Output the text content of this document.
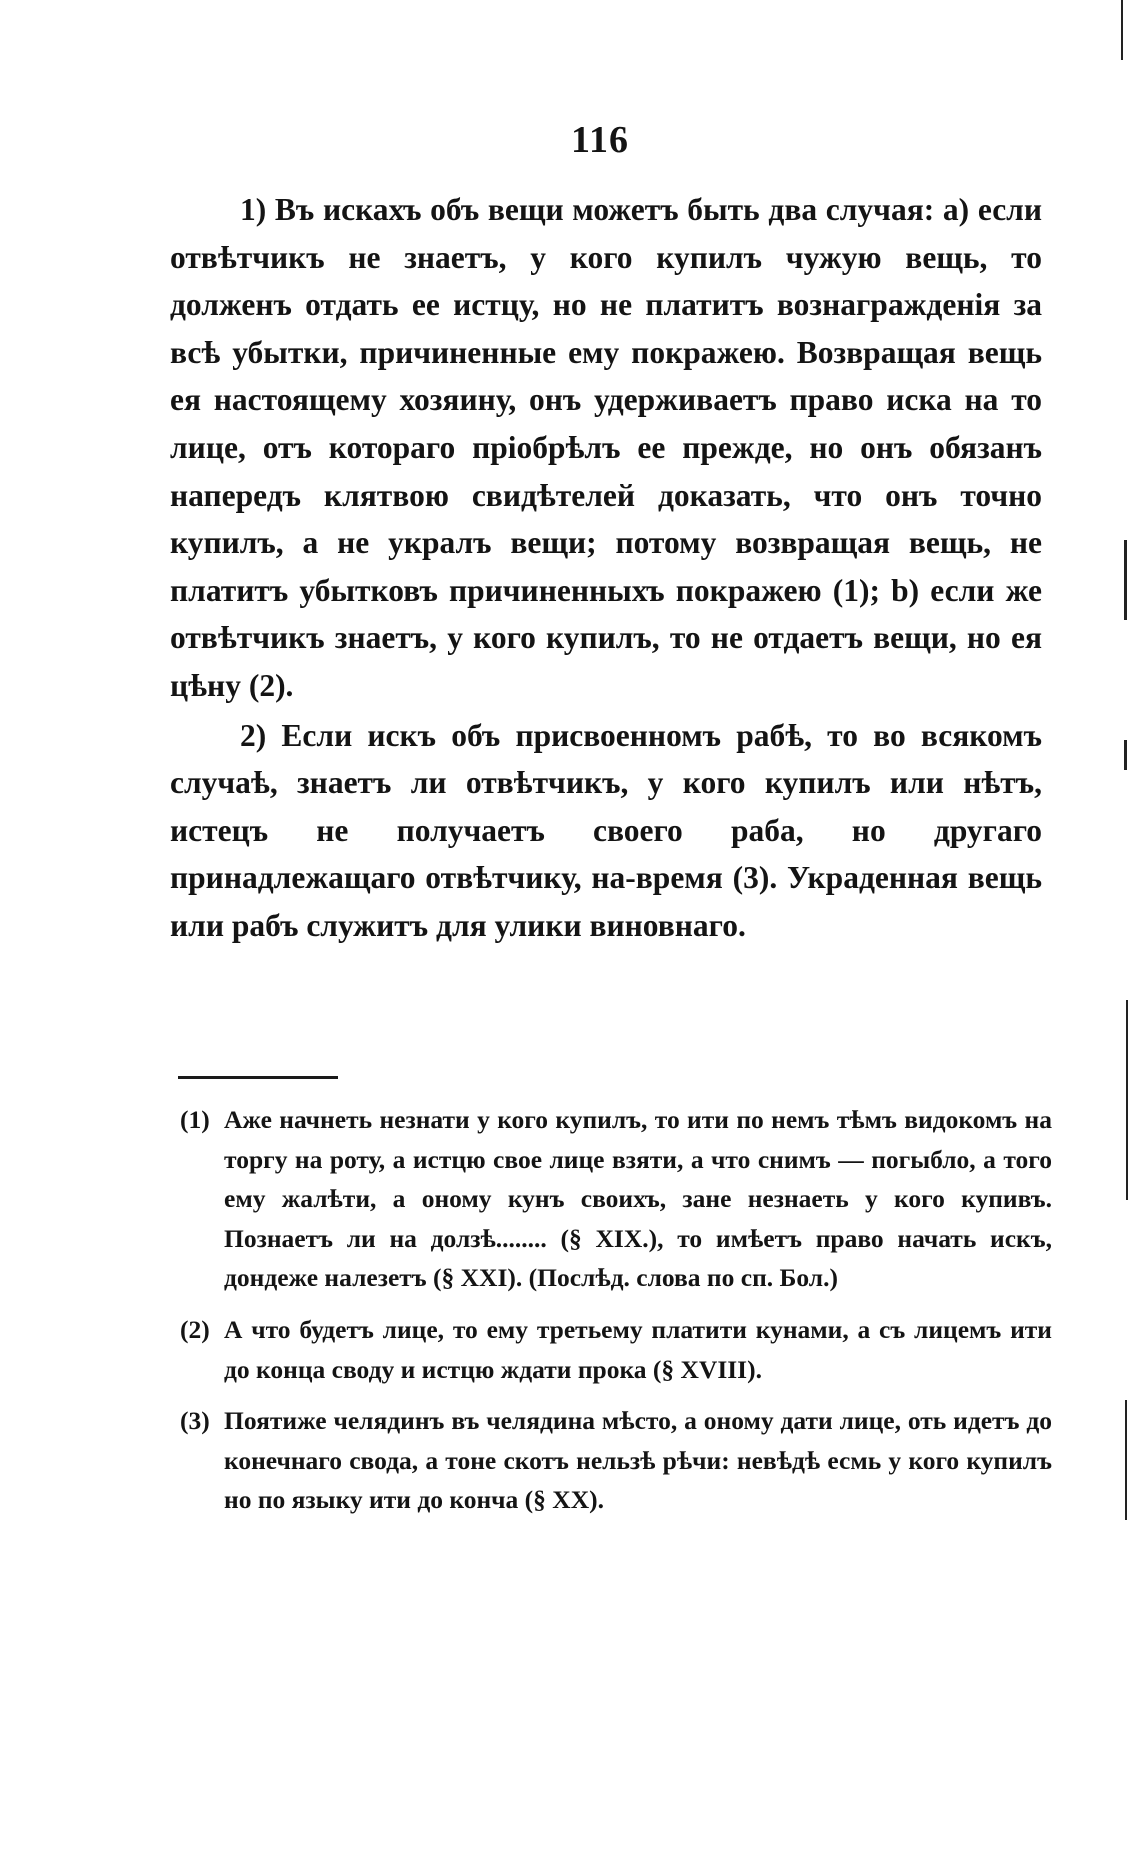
116

1) Въ искахъ объ вещи можетъ быть два случая: а) если отвѣтчикъ не знаетъ, у кого купилъ чужую вещь, то долженъ отдать ее истцу, но не платитъ вознагражденія за всѣ убытки, причиненные ему покражею. Возвращая вещь ея настоящему хозяину, онъ удерживаетъ право иска на то лице, отъ котораго пріобрѣлъ ее прежде, но онъ обязанъ напередъ клятвою свидѣтелей доказать, что онъ точно купилъ, а не укралъ вещи; потому возвращая вещь, не платитъ убытковъ причиненныхъ покражею (1); b) если же отвѣтчикъ знаетъ, у кого купилъ, то не отдаетъ вещи, но ея цѣну (2).

2) Если искъ объ присвоенномъ рабѣ, то во всякомъ случаѣ, знаетъ ли отвѣтчикъ, у кого купилъ или нѣтъ, истецъ не получаетъ своего раба, но другаго принадлежащаго отвѣтчику, на-время (3). Украденная вещь или рабъ служитъ для улики виновнаго.

(1) Аже начнеть незнати у кого купилъ, то ити по немъ тѣмъ видокомъ на торгу на роту, а истцю свое лице взяти, а что снимъ — погыбло, а того ему жалѣти, а оному кунъ своихъ, зане незнаеть у кого купивъ. Познаетъ ли на долзѣ........ (§ XIX.), то имѣетъ право начать искъ, дондеже налезетъ (§ XXI). (Послѣд. слова по сп. Бол.)
(2) А что будетъ лице, то ему третьему платити кунами, а съ лицемъ ити до конца своду и истцю ждати прока (§ XVIII).
(3) Поятиже челядинъ въ челядина мѣсто, а оному дати лице, оть идетъ до конечнаго свода, а тоне скотъ нельзѣ рѣчи: невѣдѣ есмь у кого купилъ но по языку ити до конча (§ XX).
